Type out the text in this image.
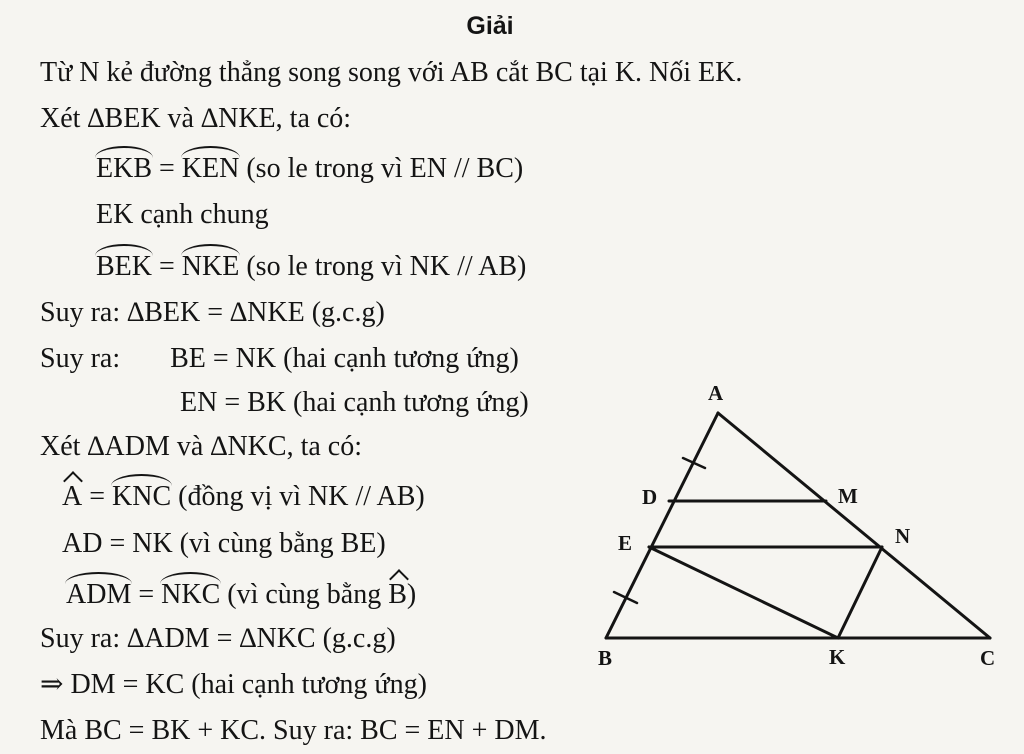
Giải
Từ N kẻ đường thẳng song song với AB cắt BC tại K. Nối EK.
Xét ∆BEK và ∆NKE, ta có:
EKB = KEN (so le trong vì EN // BC)
EK cạnh chung
BEK = NKE (so le trong vì NK // AB)
Suy ra: ∆BEK = ∆NKE (g.c.g)
Suy ra: BE = NK (hai cạnh tương ứng)
EN = BK (hai cạnh tương ứng)
Xét ∆ADM và ∆NKC, ta có:
A = KNC (đồng vị vì NK // AB)
AD = NK (vì cùng bằng BE)
ADM = NKC (vì cùng bằng B)
Suy ra: ∆ADM = ∆NKC (g.c.g)
⇒ DM = KC (hai cạnh tương ứng)
Mà BC = BK + KC. Suy ra: BC = EN + DM.
A
D	M
E	N
B	K	C
